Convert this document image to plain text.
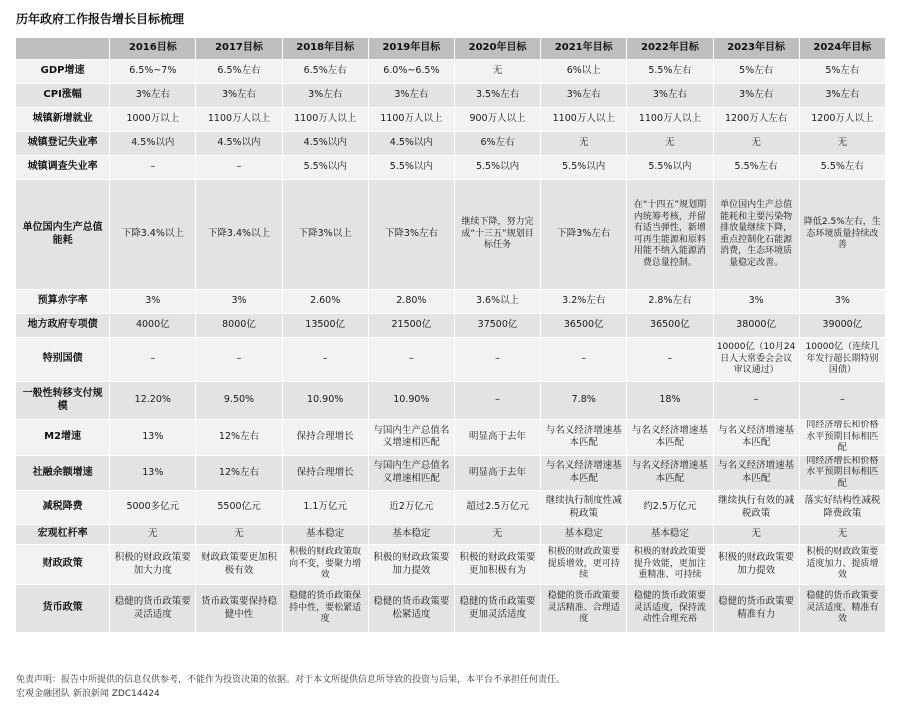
历年政府工作报告增长目标梳理
	2016目标	2017目标	2018年目标	2019年目标	2020年目标	2021年目标	2022年目标	2023年目标	2024年目标
GDP增速	6.5%~7%	6.5%左右	6.5%左右	6.0%~6.5%	无	6%以上	5.5%左右	5%左右	5%左右
CPI涨幅	3%左右	3%左右	3%左右	3%左右	3.5%左右	3%左右	3%左右	3%左右	3%左右
城镇新增就业	1000万以上	1100万人以上	1100万人以上	1100万人以上	900万人以上	1100万人以上	1100万人以上	1200万人左右	1200万人以上
城镇登记失业率	4.5%以内	4.5%以内	4.5%以内	4.5%以内	6%左右	无	无	无	无
城镇调查失业率	–	–	5.5%以内	5.5%以内	5.5%以内	5.5%以内	5.5%以内	5.5%左右	5.5%左右
单位国内生产总值能耗	下降3.4%以上	下降3.4%以上	下降3%以上	下降3%左右	继续下降，努力完成“十三五”规划目标任务	下降3%左右	在“十四五”规划期内统筹考核，并留有适当弹性，新增可再生能源和原料用能不纳入能源消费总量控制。	单位国内生产总值能耗和主要污染物排放量继续下降，重点控制化石能源消费，生态环境质量稳定改善。	降低2.5%左右，生态环境质量持续改善
预算赤字率	3%	3%	2.60%	2.80%	3.6%以上	3.2%左右	2.8%左右	3%	3%
地方政府专项债	4000亿	8000亿	13500亿	21500亿	37500亿	36500亿	36500亿	38000亿	39000亿
特别国债	–	–	–	–	–	–	–	10000亿（10月24日人大常委会会议审议通过）	10000亿（连续几年发行超长期特别国债）
一般性转移支付规模	12.20%	9.50%	10.90%	10.90%	–	7.8%	18%	–	–
M2增速	13%	12%左右	保持合理增长	与国内生产总值名义增速相匹配	明显高于去年	与名义经济增速基本匹配	与名义经济增速基本匹配	与名义经济增速基本匹配	同经济增长和价格水平预期目标相匹配
社融余额增速	13%	12%左右	保持合理增长	与国内生产总值名义增速相匹配	明显高于去年	与名义经济增速基本匹配	与名义经济增速基本匹配	与名义经济增速基本匹配	同经济增长和价格水平预期目标相匹配
减税降费	5000多亿元	5500亿元	1.1万亿元	近2万亿元	超过2.5万亿元	继续执行制度性减税政策	约2.5万亿元	继续执行有效的减税政策	落实好结构性减税降费政策
宏观杠杆率	无	无	基本稳定	基本稳定	无	基本稳定	基本稳定	无	无
财政政策	积极的财政政策要加大力度	财政政策要更加积极有效	积极的财政政策取向不变，要聚力增效	积极的财政政策要加力提效	积极的财政政策要更加积极有为	积极的财政政策要提质增效，更可持续	积极的财政政策要提升效能，更加注重精准、可持续	积极的财政政策要加力提效	积极的财政政策要适度加力、提质增效
货币政策	稳健的货币政策要灵活适度	货币政策要保持稳健中性	稳健的货币政策保持中性，要松紧适度	稳健的货币政策要松紧适度	稳健的货币政策要更加灵活适度	稳健的货币政策要灵活精准、合理适度	稳健的货币政策要灵活适度，保持流动性合理充裕	稳健的货币政策要精准有力	稳健的货币政策要灵活适度、精准有效
免责声明：报告中所提供的信息仅供参考，不能作为投资决策的依据。对于本文所提供信息所导致的投资与后果，本平台不承担任何责任。
宏观金融团队 新浪新闻 ZDC14424
